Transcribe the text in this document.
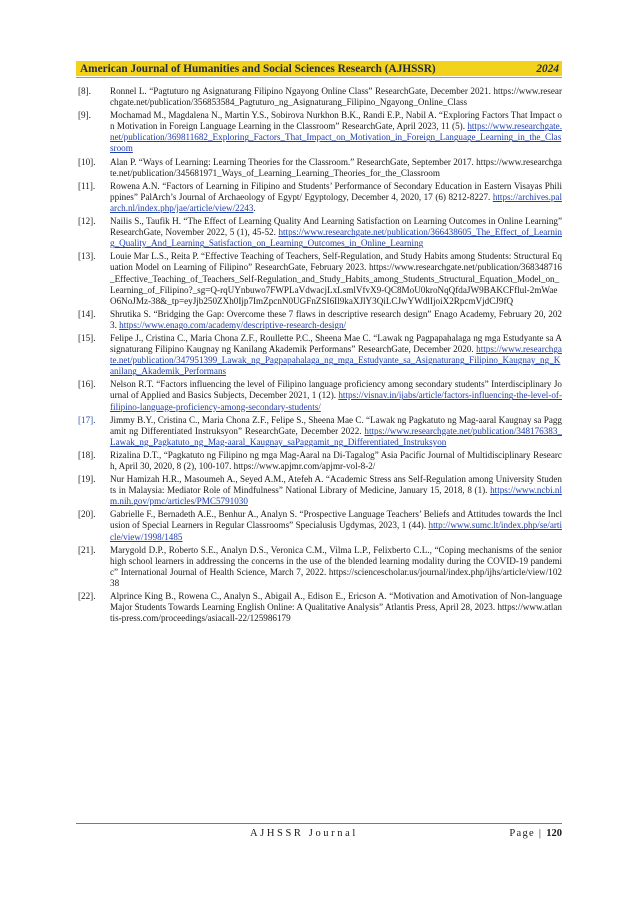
American Journal of Humanities and Social Sciences Research (AJHSSR)	2024
[8]. Ronnel L. “Pagtuturo ng Asignaturang Filipino Ngayong Online Class” ResearchGate, December 2021. https://www.researchgate.net/publication/356853584_Pagtuturo_ng_Asignaturang_Filipino_Ngayong_Online_Class
[9]. Mochamad M., Magdalena N., Martin Y.S., Sobirova Nurkhon B.K., Randi E.P., Nabil A. “Exploring Factors That Impact on Motivation in Foreign Language Learning in the Classroom” ResearchGate, April 2023, 11 (5). https://www.researchgate.net/publication/369811682_Exploring_Factors_That_Impact_on_Motivation_in_Foreign_Language_Learning_in_the_Classroom
[10]. Alan P. “Ways of Learning: Learning Theories for the Classroom.” ResearchGate, September 2017. https://www.researchgate.net/publication/345681971_Ways_of_Learning_Learning_Theories_for_the_Classroom
[11]. Rowena A.N. “Factors of Learning in Filipino and Students’ Performance of Secondary Education in Eastern Visayas Philippines” PalArch’s Journal of Archaeology of Egypt/ Egyptology, December 4, 2020, 17 (6) 8212-8227. https://archives.palarch.nl/index.php/jae/article/view/2243.
[12]. Nailis S., Taufik H. “The Effect of Learning Quality And Learning Satisfaction on Learning Outcomes in Online Learning” ResearchGate, November 2022, 5 (1), 45-52. https://www.researchgate.net/publication/366438605_The_Effect_of_Learning_Quality_And_Learning_Satisfaction_on_Learning_Outcomes_in_Online_Learning
[13]. Louie Mar L.S., Reita P. “Effective Teaching of Teachers, Self-Regulation, and Study Habits among Students: Structural Equation Model on Learning of Filipino” ResearchGate, February 2023. https://www.researchgate.net/publication/368348716_Effective_Teaching_of_Teachers_Self-Regulation_and_Study_Habits_among_Students_Structural_Equation_Model_on_Learning_of_Filipino?_sg=Q-rqUYnbuwo7FWPLaVdwacjLxLsmlVfvX9-QC8MoU0kroNqQfdaJW9BAKCFflul-2mWaeO6NoJMz-38&_tp=eyJjb250ZXh0Ijp7ImZpcnN0UGFnZSI6Il9kaXJlY3QiLCJwYWdlIjoiX2RpcmVjdCJ9fQ
[14]. Shrutika S. “Bridging the Gap: Overcome these 7 flaws in descriptive research design” Enago Academy, February 20, 2023. https://www.enago.com/academy/descriptive-research-design/
[15]. Felipe J., Cristina C., Maria Chona Z.F., Roullette P.C., Sheena Mae C. “Lawak ng Pagpapahalaga ng mga Estudyante sa Asignaturang Filipino Kaugnay ng Kanilang Akademik Performans” ResearchGate, December 2020. https://www.researchgate.net/publication/347951399_Lawak_ng_Pagpapahalaga_ng_mga_Estudyante_sa_Asignaturang_Filipino_Kaugnay_ng_Kanilang_Akademik_Performans
[16]. Nelson R.T. “Factors influencing the level of Filipino language proficiency among secondary students” Interdisciplinary Journal of Applied and Basics Subjects, December 2021, 1 (12). https://visnav.in/ijabs/article/factors-influencing-the-level-of-filipino-language-proficiency-among-secondary-students/
[17]. Jimmy B.Y., Cristina C., Maria Chona Z.F., Felipe S., Sheena Mae C. “Lawak ng Pagkatuto ng Mag-aaral Kaugnay sa Paggamit ng Differentiated Instruksyon” ResearchGate, December 2022. https://www.researchgate.net/publication/348176383_Lawak_ng_Pagkatuto_ng_Mag-aaral_Kaugnay_saPaggamit_ng_Differentiated_Instruksyon
[18]. Rizalina D.T., “Pagkatuto ng Filipino ng mga Mag-Aaral na Di-Tagalog” Asia Pacific Journal of Multidisciplinary Research, April 30, 2020, 8 (2), 100-107. https://www.apjmr.com/apjmr-vol-8-2/
[19]. Nur Hamizah H.R., Masoumeh A., Seyed A.M., Atefeh A. “Academic Stress ans Self-Regulation among University Students in Malaysia: Mediator Role of Mindfulness” National Library of Medicine, January 15, 2018, 8 (1). https://www.ncbi.nlm.nih.gov/pmc/articles/PMC5791030
[20]. Gabrielle F., Bernadeth A.E., Benhur A., Analyn S. “Prospective Language Teachers’ Beliefs and Attitudes towards the Inclusion of Special Learners in Regular Classrooms” Specialusis Ugdymas, 2023, 1 (44). http://www.sumc.lt/index.php/se/article/view/1998/1485
[21]. Marygold D.P., Roberto S.E., Analyn D.S., Veronica C.M., Vilma L.P., Felixberto C.L., “Coping mechanisms of the senior high school learners in addressing the concerns in the use of the blended learning modality during the COVID-19 pandemic” International Journal of Health Science, March 7, 2022. https://sciencescholar.us/journal/index.php/ijhs/article/view/10238
[22]. Alprince King B., Rowena C., Analyn S., Abigail A., Edison E., Ericson A. “Motivation and Amotivation of Non-language Major Students Towards Learning English Online: A Qualitative Analysis” Atlantis Press, April 28, 2023. https://www.atlantis-press.com/proceedings/asiacall-22/125986179
AJHSSR Journal	Page | 120
